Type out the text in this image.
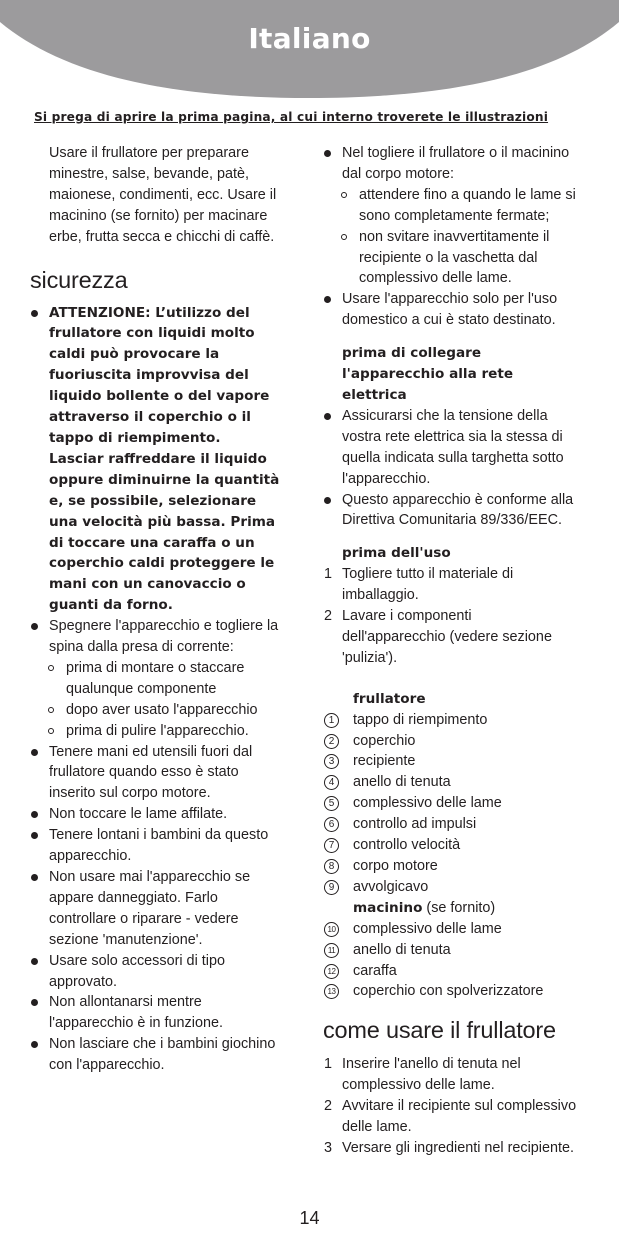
Italiano
Si prega di aprire la prima pagina, al cui interno troverete le illustrazioni

Usare il frullatore per preparare
minestre, salse, bevande, patè,
maionese, condimenti, ecc. Usare il
macinino (se fornito) per macinare
erbe, frutta secca e chicchi di caffè.

sicurezza

ATTENZIONE: L’utilizzo del
frullatore con liquidi molto
caldi può provocare la
fuoriuscita improvvisa del
liquido bollente o del vapore
attraverso il coperchio o il
tappo di riempimento.
Lasciar raffreddare il liquido
oppure diminuirne la quantità
e, se possibile, selezionare
una velocità più bassa. Prima
di toccare una caraffa o un
coperchio caldi proteggere le
mani con un canovaccio o
guanti da forno.

Spegnere l'apparecchio e togliere la
spina dalla presa di corrente:

prima di montare o staccare
qualunque componente

dopo aver usato l'apparecchio

prima di pulire l'apparecchio.

Tenere mani ed utensili fuori dal
frullatore quando esso è stato
inserito sul corpo motore.

Non toccare le lame affilate.

Tenere lontani i bambini da questo
apparecchio.

Non usare mai l'apparecchio se
appare danneggiato. Farlo
controllare o riparare - vedere
sezione 'manutenzione'.

Usare solo accessori di tipo
approvato.

Non allontanarsi mentre
l'apparecchio è in funzione.

Non lasciare che i bambini giochino
con l'apparecchio.

Nel togliere il frullatore o il macinino
dal corpo motore:

attendere fino a quando le lame si
sono completamente fermate;

non svitare inavvertitamente il
recipiente o la vaschetta dal
complessivo delle lame.

Usare l'apparecchio solo per l'uso
domestico a cui è stato destinato.

prima di collegare
l'apparecchio alla rete
elettrica

Assicurarsi che la tensione della
vostra rete elettrica sia la stessa di
quella indicata sulla targhetta sotto
l'apparecchio.

Questo apparecchio è conforme alla
Direttiva Comunitaria 89/336/EEC.

prima dell'uso

1 Togliere tutto il materiale di
imballaggio.

2 Lavare i componenti
dell'apparecchio (vedere sezione
'pulizia').

frullatore

1	tappo di riempimento

2	coperchio

3	recipiente

4	anello di tenuta

5	complessivo delle lame

6	controllo ad impulsi

7	controllo velocità

8	corpo motore

9	avvolgicavo

macinino (se fornito)

10 complessivo delle lame

11 anello di tenuta

12 caraffa

13 coperchio con spolverizzatore

come usare il frullatore

1 Inserire l'anello di tenuta nel
complessivo delle lame.

2 Avvitare il recipiente sul complessivo
delle lame.

3 Versare gli ingredienti nel recipiente.

14
